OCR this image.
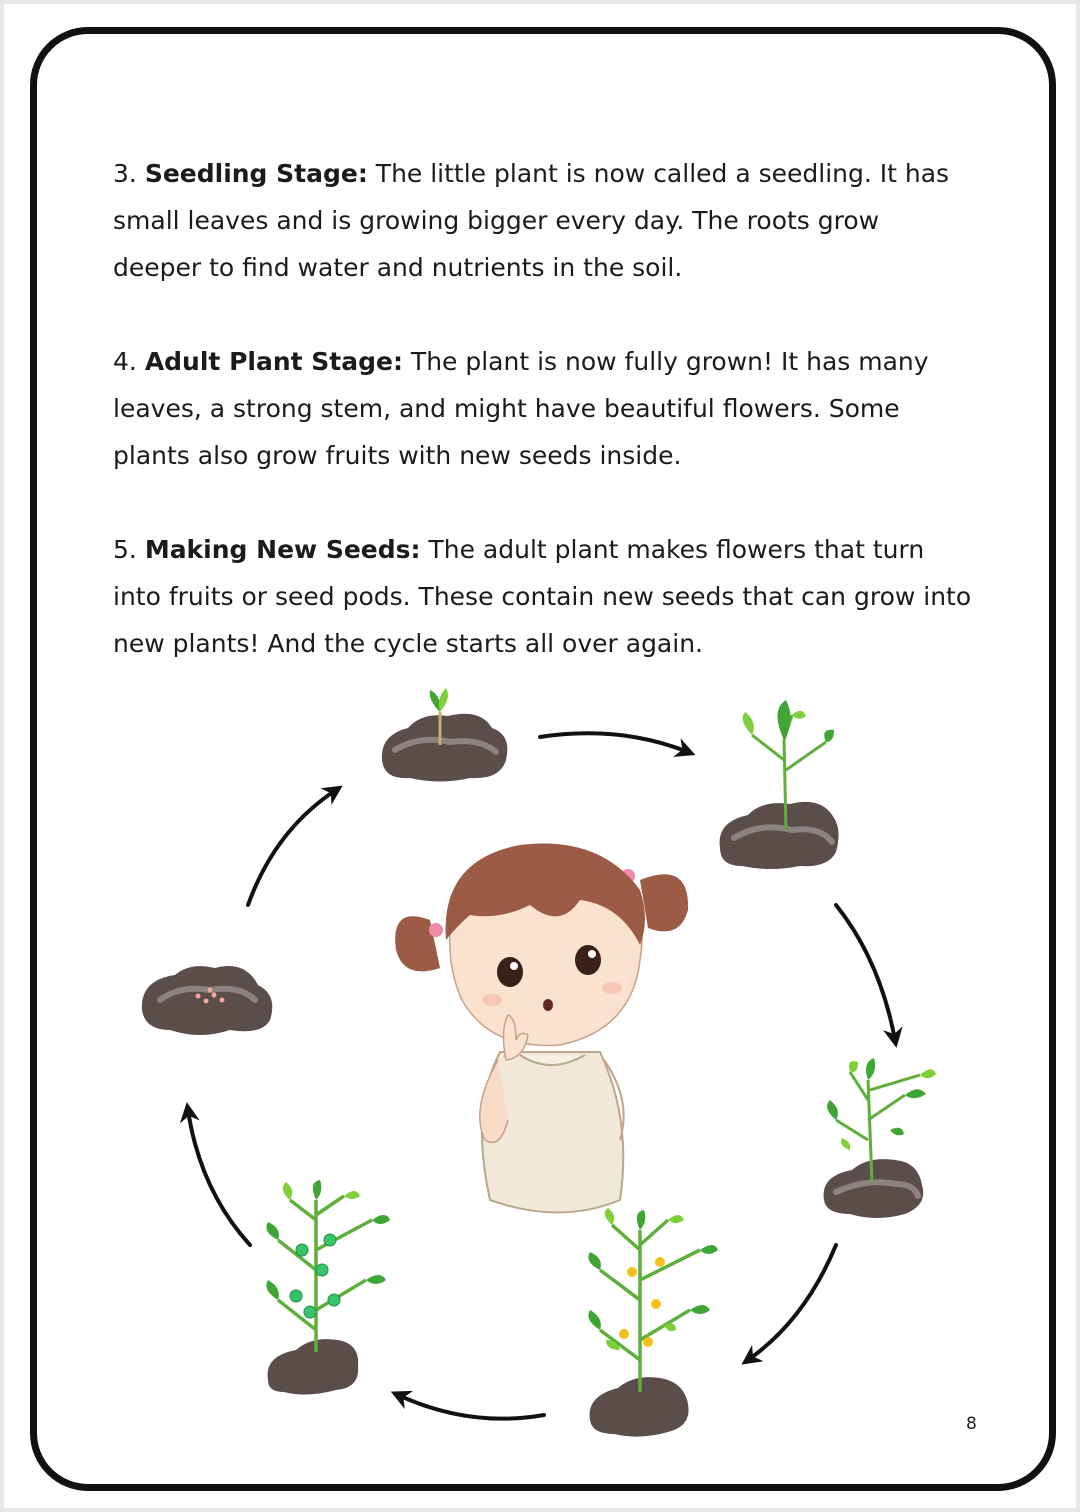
3. Seedling Stage: The little plant is now called a seedling. It has small leaves and is growing bigger every day. The roots grow deeper to find water and nutrients in the soil.

4. Adult Plant Stage: The plant is now fully grown! It has many leaves, a strong stem, and might have beautiful flowers. Some plants also grow fruits with new seeds inside.

5. Making New Seeds: The adult plant makes flowers that turn into fruits or seed pods. These contain new seeds that can grow into new plants! And the cycle starts all over again.

8
